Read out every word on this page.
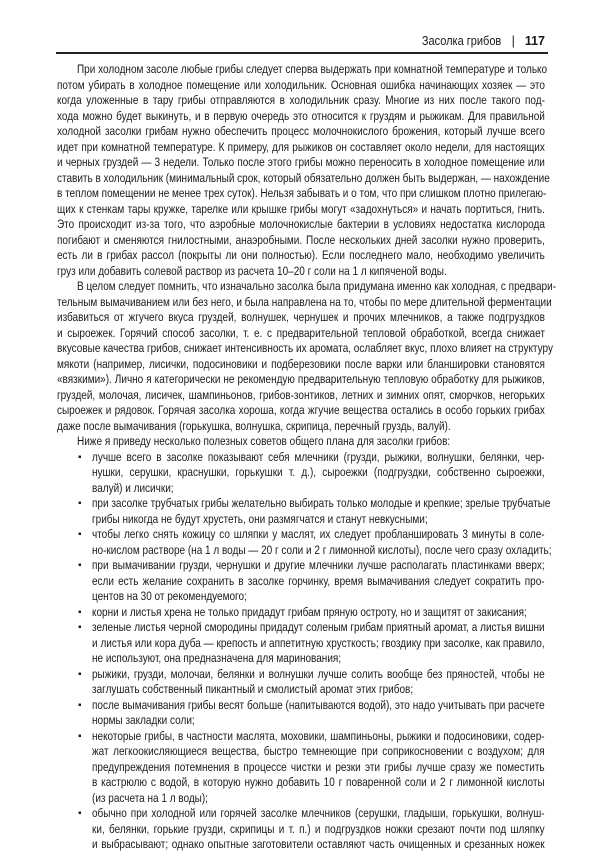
Засолка грибов | 117
При холодном засоле любые грибы следует сперва выдержать при комнатной температуре и только
потом убирать в холодное помещение или холодильник. Основная ошибка начинающих хозяек — это
когда уложенные в тару грибы отправляются в холодильник сразу. Многие из них после такого под-
хода можно будет выкинуть, и в первую очередь это относится к груздям и рыжикам. Для правильной
холодной засолки грибам нужно обеспечить процесс молочнокислого брожения, который лучше всего
идет при комнатной температуре. К примеру, для рыжиков он составляет около недели, для настоящих
и черных груздей — 3 недели. Только после этого грибы можно переносить в холодное помещение или
ставить в холодильник (минимальный срок, который обязательно должен быть выдержан, — нахождение
в теплом помещении не менее трех суток). Нельзя забывать и о том, что при слишком плотно прилегаю-
щих к стенкам тары кружке, тарелке или крышке грибы могут «задохнуться» и начать портиться, гнить.
Это происходит из-за того, что аэробные молочнокислые бактерии в условиях недостатка кислорода
погибают и сменяются гнилостными, анаэробными. После нескольких дней засолки нужно проверить,
есть ли в грибах рассол (покрыты ли они полностью). Если последнего мало, необходимо увеличить
груз или добавить солевой раствор из расчета 10–20 г соли на 1 л кипяченой воды.
В целом следует помнить, что изначально засолка была придумана именно как холодная, с предвари-
тельным вымачиванием или без него, и была направлена на то, чтобы по мере длительной ферментации
избавиться от жгучего вкуса груздей, волнушек, чернушек и прочих млечников, а также подгруздков
и сыроежек. Горячий способ засолки, т. е. с предварительной тепловой обработкой, всегда снижает
вкусовые качества грибов, снижает интенсивность их аромата, ослабляет вкус, плохо влияет на структуру
мякоти (например, лисички, подосиновики и подберезовики после варки или бланшировки становятся
«вязкими»). Лично я категорически не рекомендую предварительную тепловую обработку для рыжиков,
груздей, молочая, лисичек, шампиньонов, грибов-зонтиков, летних и зимних опят, сморчков, негорьких
сыроежек и рядовок. Горячая засолка хороша, когда жгучие вещества остались в особо горьких грибах
даже после вымачивания (горькушка, волнушка, скрипица, перечный груздь, валуй).
Ниже я приведу несколько полезных советов общего плана для засолки грибов:
▪ лучше всего в засолке показывают себя млечники (грузди, рыжики, волнушки, белянки, чер-
нушки, серушки, краснушки, горькушки т. д.), сыроежки (подгруздки, собственно сыроежки,
валуй) и лисички;
▪ при засолке трубчатых грибы желательно выбирать только молодые и крепкие; зрелые трубчатые
грибы никогда не будут хрустеть, они размягчатся и станут невкусными;
▪ чтобы легко снять кожицу со шляпки у маслят, их следует пробланшировать 3 минуты в соле-
но-кислом растворе (на 1 л воды — 20 г соли и 2 г лимонной кислоты), после чего сразу охладить;
▪ при вымачивании грузди, чернушки и другие млечники лучше располагать пластинками вверх;
если есть желание сохранить в засолке горчинку, время вымачивания следует сократить про-
центов на 30 от рекомендуемого;
▪ корни и листья хрена не только придадут грибам пряную остроту, но и защитят от закисания;
▪ зеленые листья черной смородины придадут соленым грибам приятный аромат, а листья вишни
и листья или кора дуба — крепость и аппетитную хрусткость; гвоздику при засолке, как правило,
не используют, она предназначена для маринования;
▪ рыжики, грузди, молочаи, белянки и волнушки лучше солить вообще без пряностей, чтобы не
заглушать собственный пикантный и смолистый аромат этих грибов;
▪ после вымачивания грибы весят больше (напитываются водой), это надо учитывать при расчете
нормы закладки соли;
▪ некоторые грибы, в частности маслята, моховики, шампиньоны, рыжики и подосиновики, содер-
жат легкоокисляющиеся вещества, быстро темнеющие при соприкосновении с воздухом; для
предупреждения потемнения в процессе чистки и резки эти грибы лучше сразу же поместить
в кастрюлю с водой, в которую нужно добавить 10 г поваренной соли и 2 г лимонной кислоты
(из расчета на 1 л воды);
▪ обычно при холодной или горячей засолке млечников (серушки, гладыши, горькушки, волнуш-
ки, белянки, горькие грузди, скрипицы и т. п.) и подгруздков ножки срезают почти под шляпку
и выбрасывают; однако опытные заготовители оставляют часть очищенных и срезанных ножек
